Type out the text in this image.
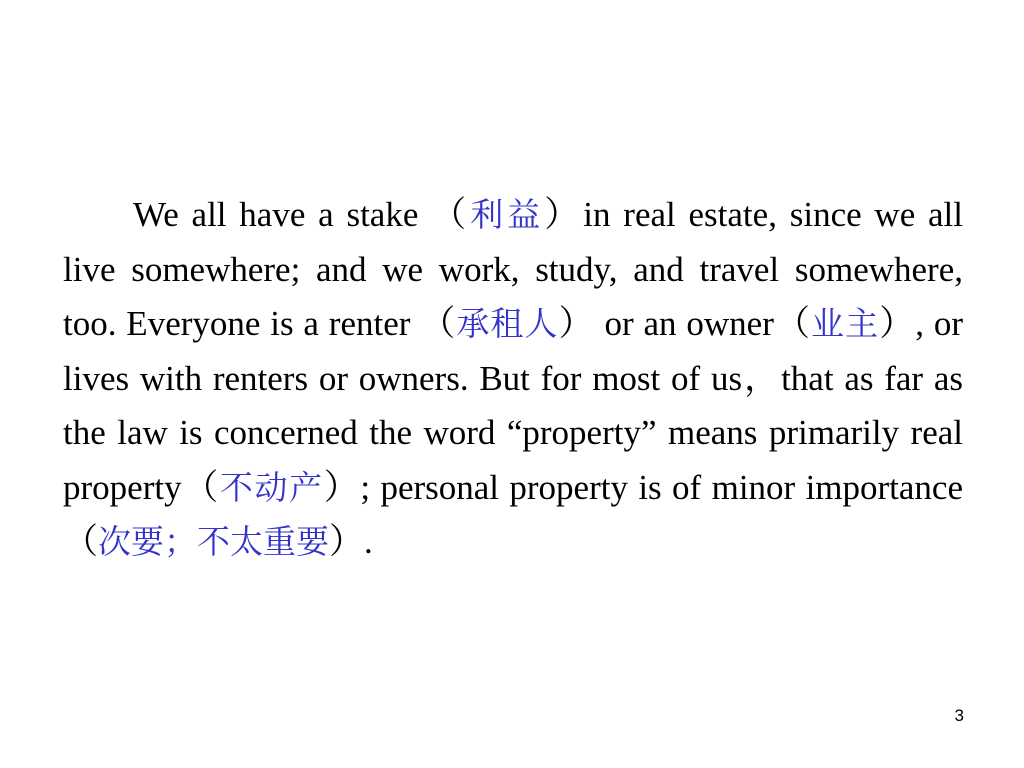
We all have a stake （利益）in real estate, since we all live somewhere; and we work, study, and travel somewhere, too. Everyone is a renter （承租人） or an owner（业主）, or lives with renters or owners. But for most of us，that as far as the law is concerned the word “property” means primarily real property（不动产）; personal property is of minor importance（次要；不太重要）.

3
